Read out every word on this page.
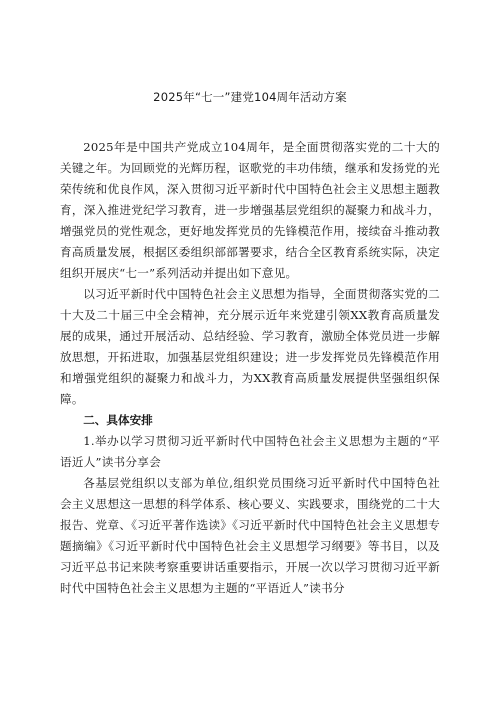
2025年“七一”建党104周年活动方案

2025年是中国共产党成立104周年，是全面贯彻落实党的二十大的关键之年。为回顾党的光辉历程，讴歌党的丰功伟绩，继承和发扬党的光荣传统和优良作风，深入贯彻习近平新时代中国特色社会主义思想主题教育，深入推进党纪学习教育，进一步增强基层党组织的凝聚力和战斗力，增强党员的党性观念，更好地发挥党员的先锋模范作用，接续奋斗推动教育高质量发展，根据区委组织部部署要求，结合全区教育系统实际，决定组织开展庆“七一”系列活动并提出如下意见。

以习近平新时代中国特色社会主义思想为指导，全面贯彻落实党的二十大及二十届三中全会精神，充分展示近年来党建引领XX教育高质量发展的成果，通过开展活动、总结经验、学习教育，激励全体党员进一步解放思想，开拓进取，加强基层党组织建设；进一步发挥党员先锋模范作用和增强党组织的凝聚力和战斗力，为XX教育高质量发展提供坚强组织保障。

二、具体安排

1.举办以学习贯彻习近平新时代中国特色社会主义思想为主题的“平语近人”读书分享会

各基层党组织以支部为单位,组织党员围绕习近平新时代中国特色社会主义思想这一思想的科学体系、核心要义、实践要求，围绕党的二十大报告、党章、《习近平著作选读》《习近平新时代中国特色社会主义思想专题摘编》《习近平新时代中国特色社会主义思想学习纲要》等书目，以及习近平总书记来陕考察重要讲话重要指示，开展一次以学习贯彻习近平新时代中国特色社会主义思想为主题的“平语近人”读书分
